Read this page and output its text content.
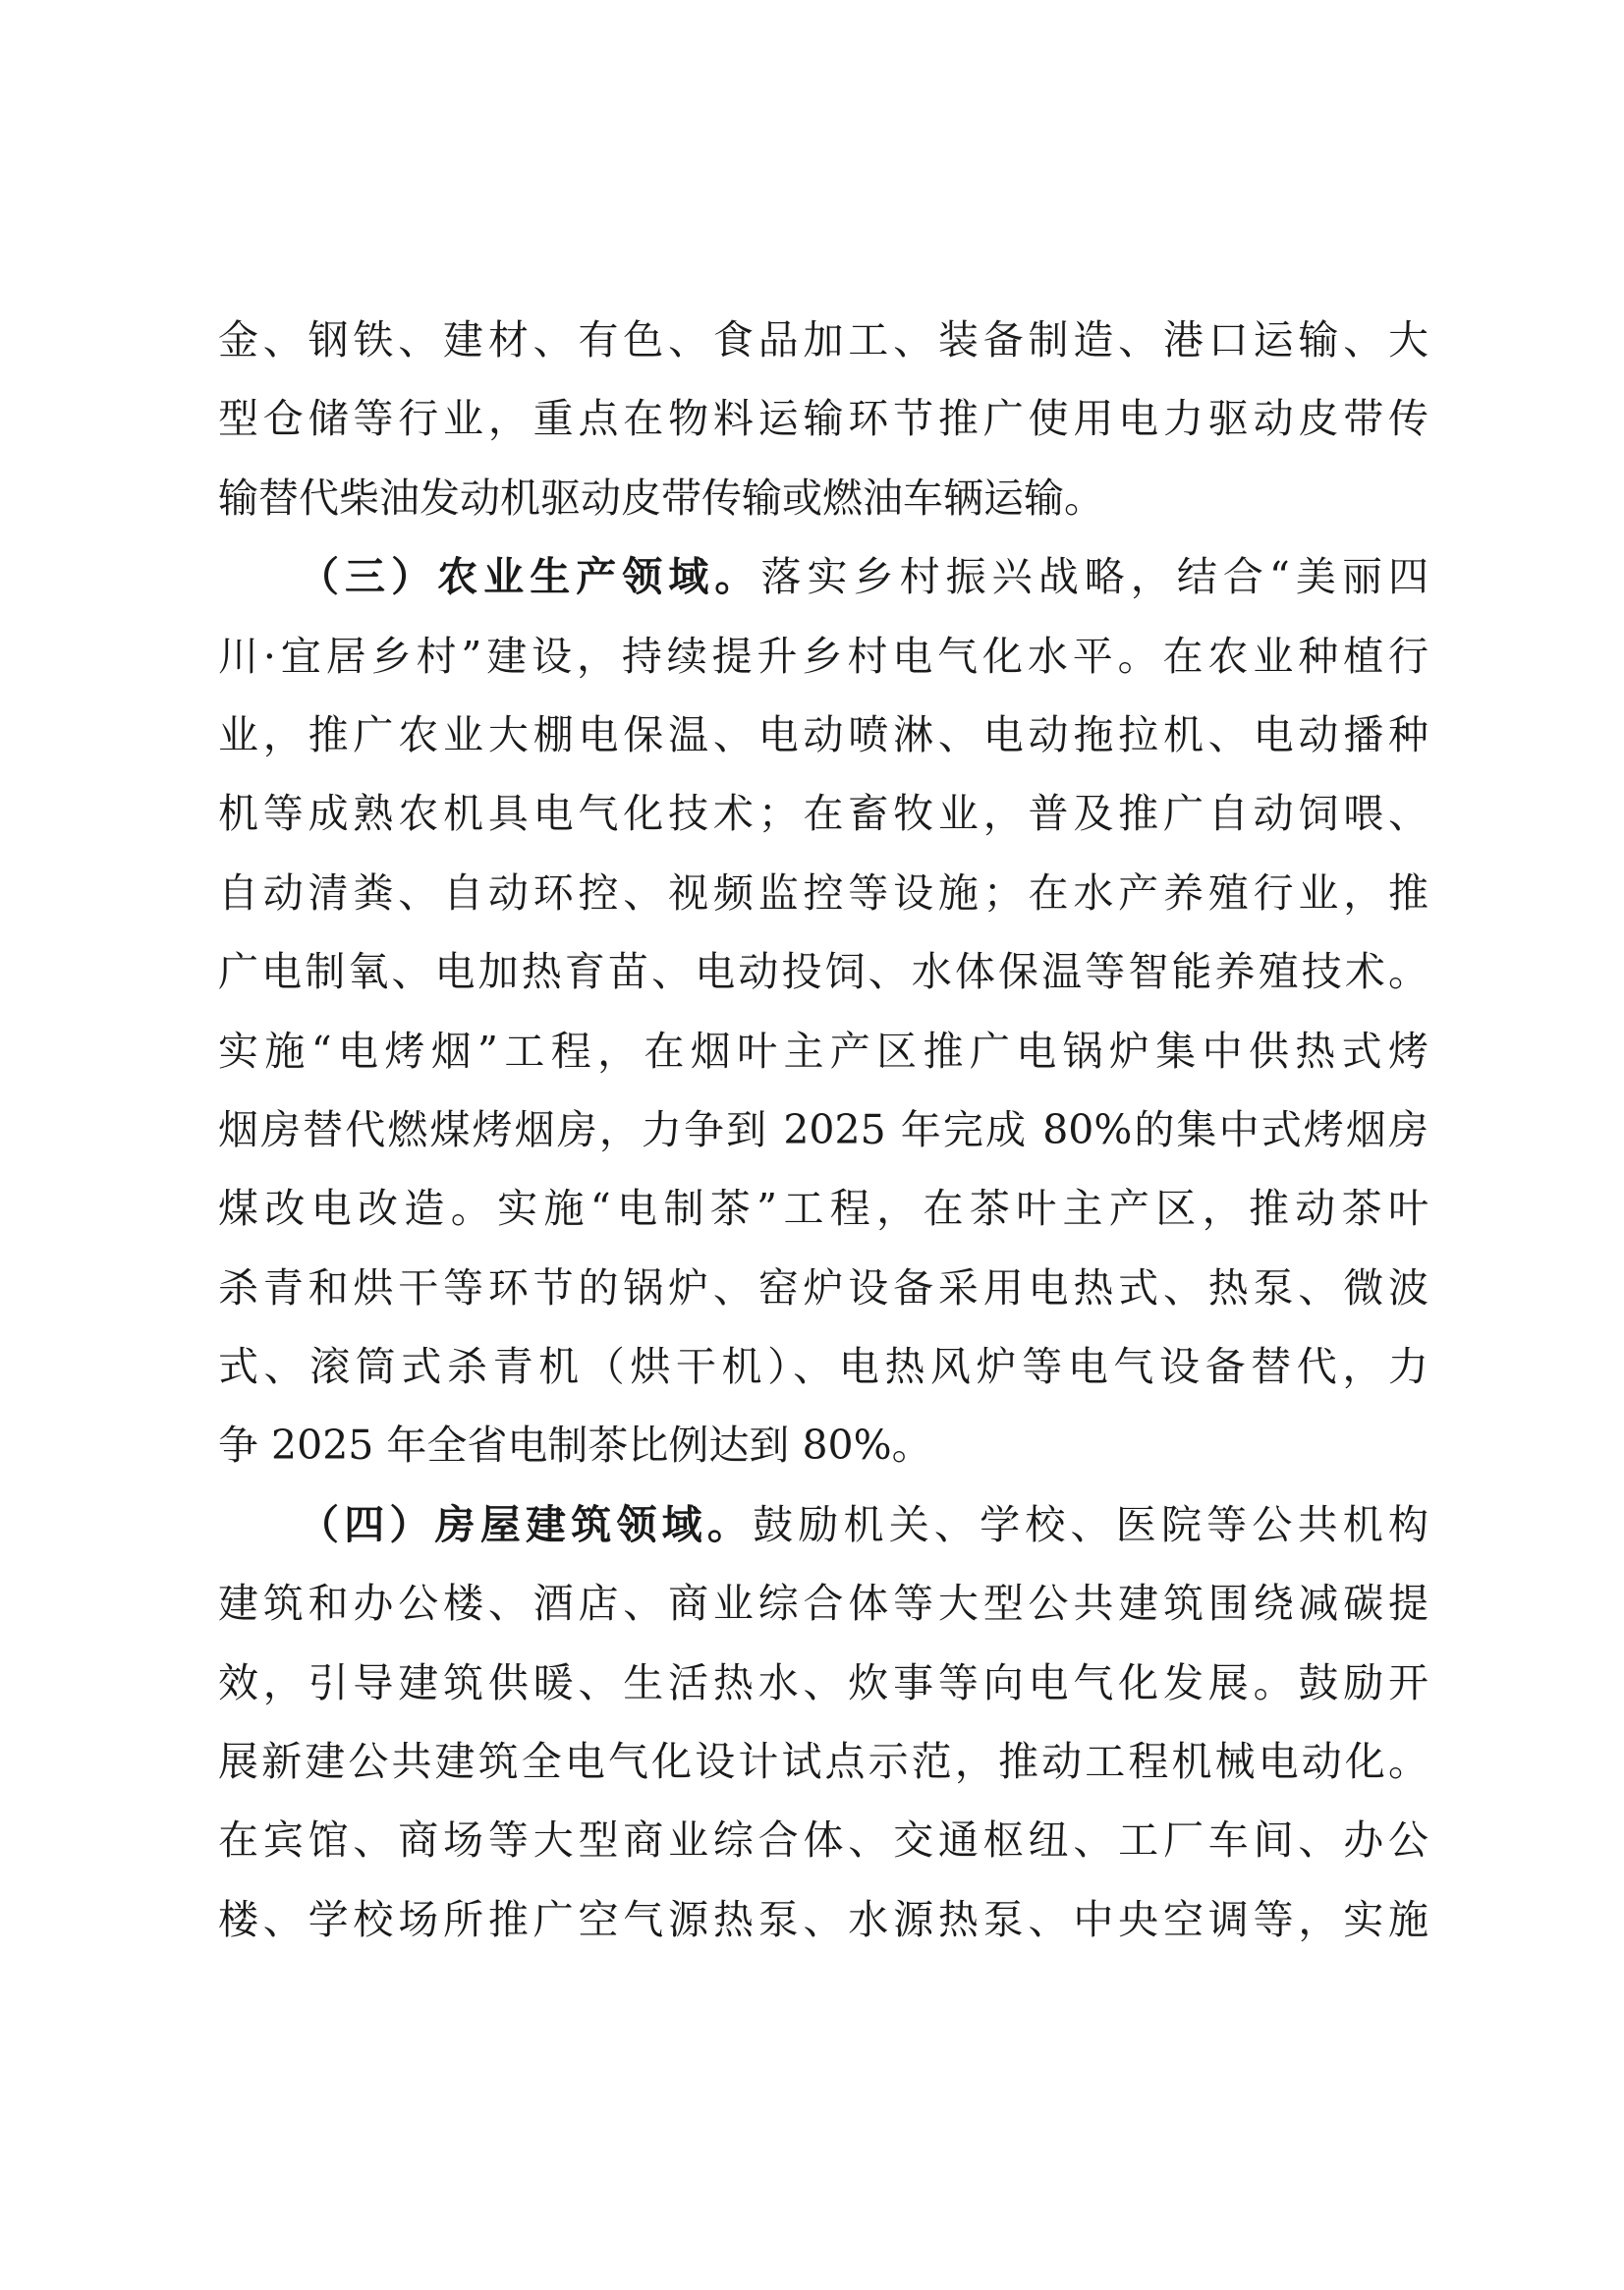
金、钢铁、建材、有色、食品加工、装备制造、港口运输、大
型仓储等行业，重点在物料运输环节推广使用电力驱动皮带传
输替代柴油发动机驱动皮带传输或燃油车辆运输。
（三）农业生产领域。落实乡村振兴战略，结合“美丽四
川·宜居乡村”建设，持续提升乡村电气化水平。在农业种植行
业，推广农业大棚电保温、电动喷淋、电动拖拉机、电动播种
机等成熟农机具电气化技术；在畜牧业，普及推广自动饲喂、
自动清粪、自动环控、视频监控等设施；在水产养殖行业，推
广电制氧、电加热育苗、电动投饲、水体保温等智能养殖技术。
实施“电烤烟”工程，在烟叶主产区推广电锅炉集中供热式烤
烟房替代燃煤烤烟房，力争到 2025 年完成 80%的集中式烤烟房
煤改电改造。实施“电制茶”工程，在茶叶主产区，推动茶叶
杀青和烘干等环节的锅炉、窑炉设备采用电热式、热泵、微波
式、滚筒式杀青机（烘干机）、电热风炉等电气设备替代，力
争 2025 年全省电制茶比例达到 80%。
（四）房屋建筑领域。鼓励机关、学校、医院等公共机构
建筑和办公楼、酒店、商业综合体等大型公共建筑围绕减碳提
效，引导建筑供暖、生活热水、炊事等向电气化发展。鼓励开
展新建公共建筑全电气化设计试点示范，推动工程机械电动化。
在宾馆、商场等大型商业综合体、交通枢纽、工厂车间、办公
楼、学校场所推广空气源热泵、水源热泵、中央空调等，实施
